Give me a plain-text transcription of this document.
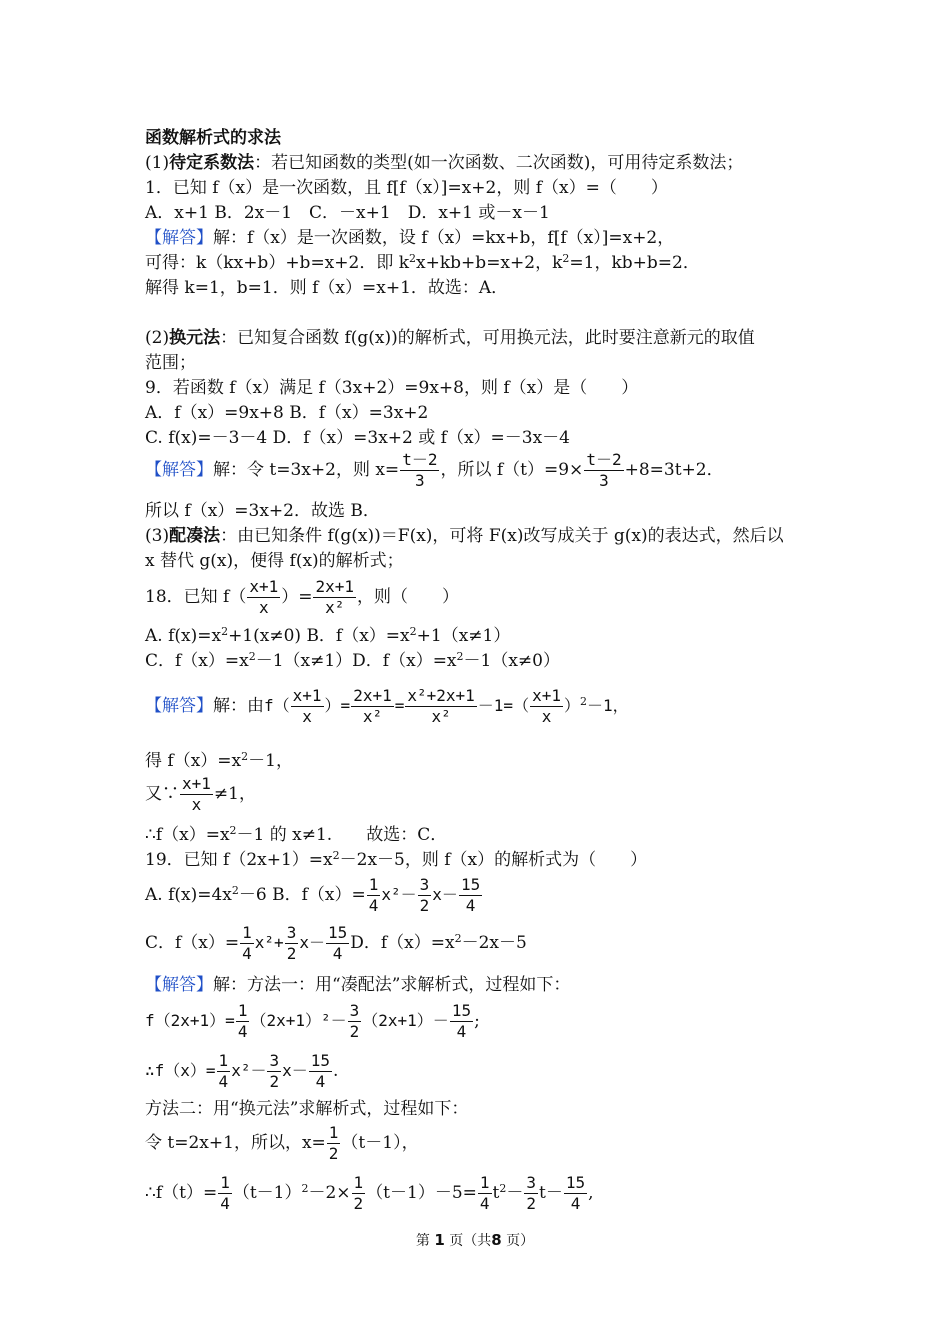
函数解析式的求法
(1)待定系数法：若已知函数的类型(如一次函数、二次函数)，可用待定系数法；
1．已知 f（x）是一次函数，且 f[f（x）]=x+2，则 f（x）=（　　）
A．x+1 B．2x－1　C．－x+1　D．x+1 或－x－1
【解答】解：f（x）是一次函数，设 f（x）=kx+b，f[f（x）]=x+2，
可得：k（kx+b）+b=x+2．即 $k^2x+kb+b=x+2$，$k^2=1$，kb+b=2．
解得 k=1，b=1．则 f（x）=x+1．故选：A．
(2)换元法：已知复合函数 f(g(x))的解析式，可用换元法，此时要注意新元的取值
范围；
9．若函数 f（x）满足 f（3x+2）=9x+8，则 f（x）是（　　）
A．f（x）=9x+8 B．f（x）=3x+2
C. f(x)=－3－4 D．f（x）=3x+2 或 f（x）=－3x－4
【解答】解：令 t=3x+2，则 $x= \frac{t-2}{3}$ ，所以 $f(t)=9\times \frac{t-2}{3} +8=3t+2$．
所以 f（x）=3x+2．故选 B．
(3)配凑法：由已知条件 f(g(x))＝F(x)，可将 F(x)改写成关于 g(x)的表达式，然后以
x 替代 g(x)，便得 f(x)的解析式；
18．已知 $f( \frac{x+1}{x}$ ）= $\frac{2x+1}{\text{x²}}$ ，则（　　）
A. $f(x)=x^2+1(x\ne 0)$ B．$f(x)=x^2+1(x\ne 1)$
C．$f(x)=x^2-1(x\ne 1)D$．$f(x)=x^2-1(x\ne 0)$
【解答】解：由$f( \frac{x+1}{x}$ ）= $\frac{2x+1}{\text{x²}} = \frac{\text{x²+2x+1}}{\text{x²}} -1=( \frac{x+1}{x} )^2-1$，
得 $f(x)=x^2-1$，
又∵ $\frac{x+1}{x} \ne 1$，
$\therefore f(x)=x^2-1$ 的 x≠1.　　故选：C．
19．已知 $f(2x+1)=x^2-2x-5$，则 f（x）的解析式为（　　）
A. $f(x)=4x^2-6$ B．$f(x)= \frac{1}{4} x^2- \frac{3}{2} x- \frac{15}{4}$
C．$f(x)= \frac{1}{4} x^2+ \frac{3}{2} x- \frac{15}{4}$ D．$f(x)=x^2-2x-5$
【解答】解：方法一：用“凑配法”求解析式，过程如下：
$f(2x+1)= \frac{1}{4} (2x+1)^2- \frac{3}{2} (2x+1)- \frac{15}{4}$ ;
∴f（x）= $\frac{1}{4} x^2- \frac{3}{2} x- \frac{15}{4}$ .
方法二：用“换元法”求解析式，过程如下：
令 t=2x+1，所以，$x= \frac{1}{2} (t-1)$，
∴f（t）= $\frac{1}{4} (t-1)^2-2\times \frac{1}{2} (t-1)-5= \frac{1}{4} t^2- \frac{3}{2} t- \frac{15}{4}$ ,
第 1 页（共8 页）
